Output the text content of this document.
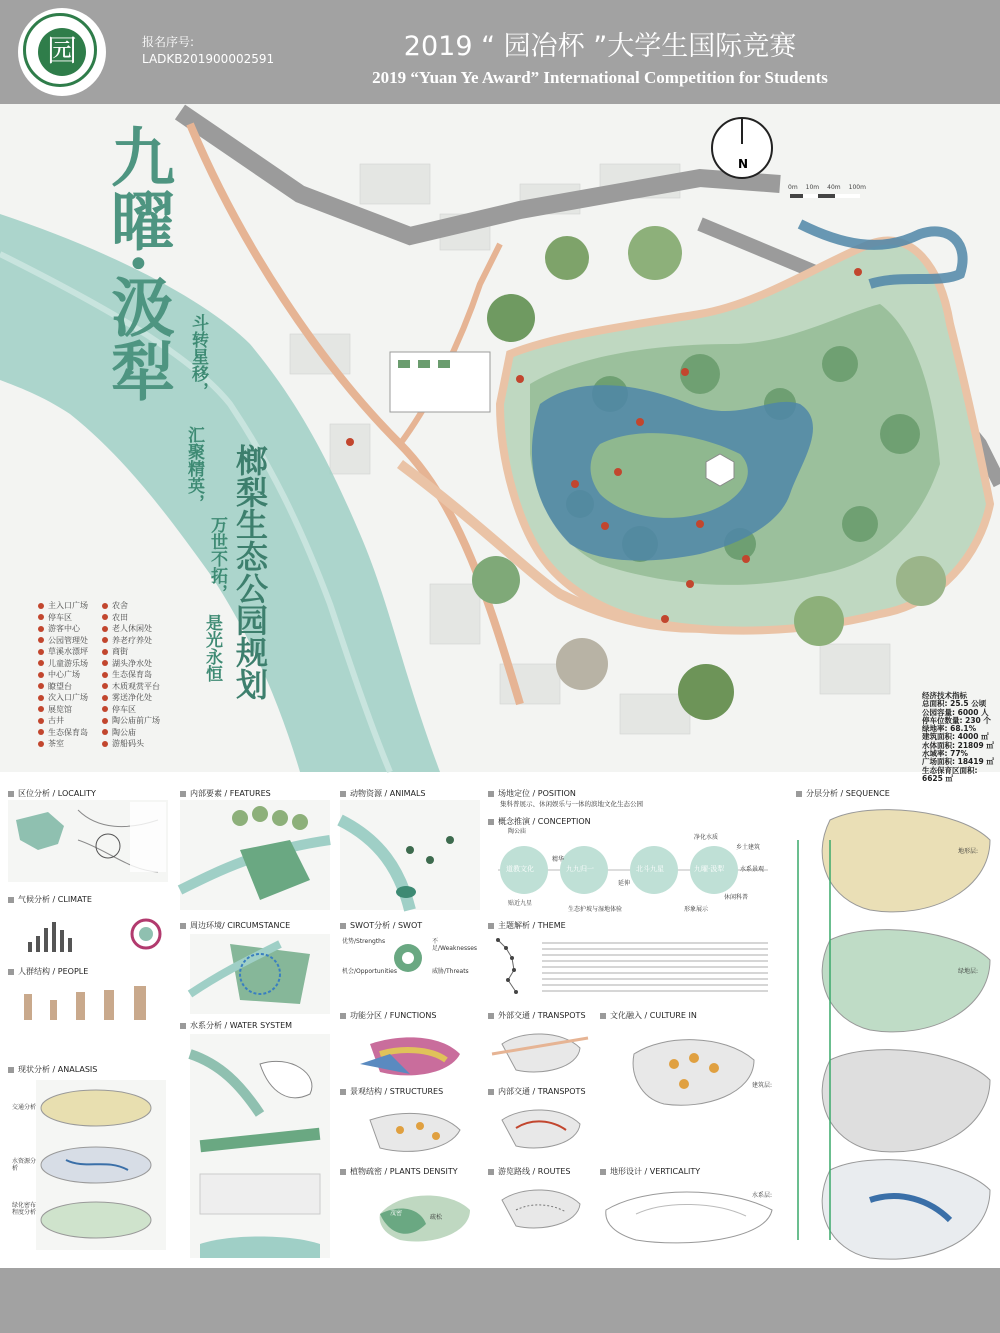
园	报名序号:
LADKB201900002591	2019 “ 园冶杯 ”大学生国际竞赛
2019 “Yuan Ye Award” International Competition for Students
N
0m 10m 40m 100m
九曜·汲犁 斗转星移，
汇聚精英，
万世不拓，
是光永恒 榔梨生态公园规划
主入口广场	农舍
停车区	农田
游客中心	老人休闲处
公园管理处	养老疗养处
草溪水漂坪	商街
儿童游乐场	湖头净水处
中心广场	生态保育岛
瞭望台	木质观赏平台
次入口广场	雾送净化处
展览馆	停车区
古井	陶公庙前广场
生态保育岛	陶公庙
茶室	游船码头
经济技术指标
总面积: 25.5 公顷
公园容量: 6000 人
停车位数量: 230 个
绿地率: 68.1%
建筑面积: 4000 ㎡
水体面积: 21809 ㎡
水域率: 77%
广场面积: 18419 ㎡
生态保育区面积: 6625 ㎡
区位分析 / LOCALITY
气候分析 / CLIMATE
人群结构 / PEOPLE
现状分析 / ANALASIS
交通分析
水资源分析
绿化密布程度分析
内部要素 / FEATURES
周边环境/ CIRCUMSTANCE
水系分析 / WATER SYSTEM
动物资源 / ANIMALS
SWOT分析 / SWOT
优势/Strengths	不足/Weaknesses
机会/Opportunities	威胁/Threats
功能分区 / FUNCTIONS
景观结构 / STRUCTURES
植物疏密 / PLANTS DENSITY
茂密
疏松
场地定位 / POSITION
集科普展示、休闲娱乐与一体的滨地文化生态公园
概念推演 / CONCEPTION
道教文化	九九归一	北斗九星	九曜·汲犁
陶公庙
贴近九星
生态护坡与湿地体验
精华
延伸
水系景观
休闲科普
形象展示
乡土建筑
净化水质
主题解析 / THEME
外部交通 / TRANSPOTS
内部交通 / TRANSPOTS
游览路线 / ROUTES
文化融入 / CULTURE IN
地形设计 / VERTICALITY
分层分析 / SEQUENCE
地形层:
绿地层:
建筑层:
水系层:
